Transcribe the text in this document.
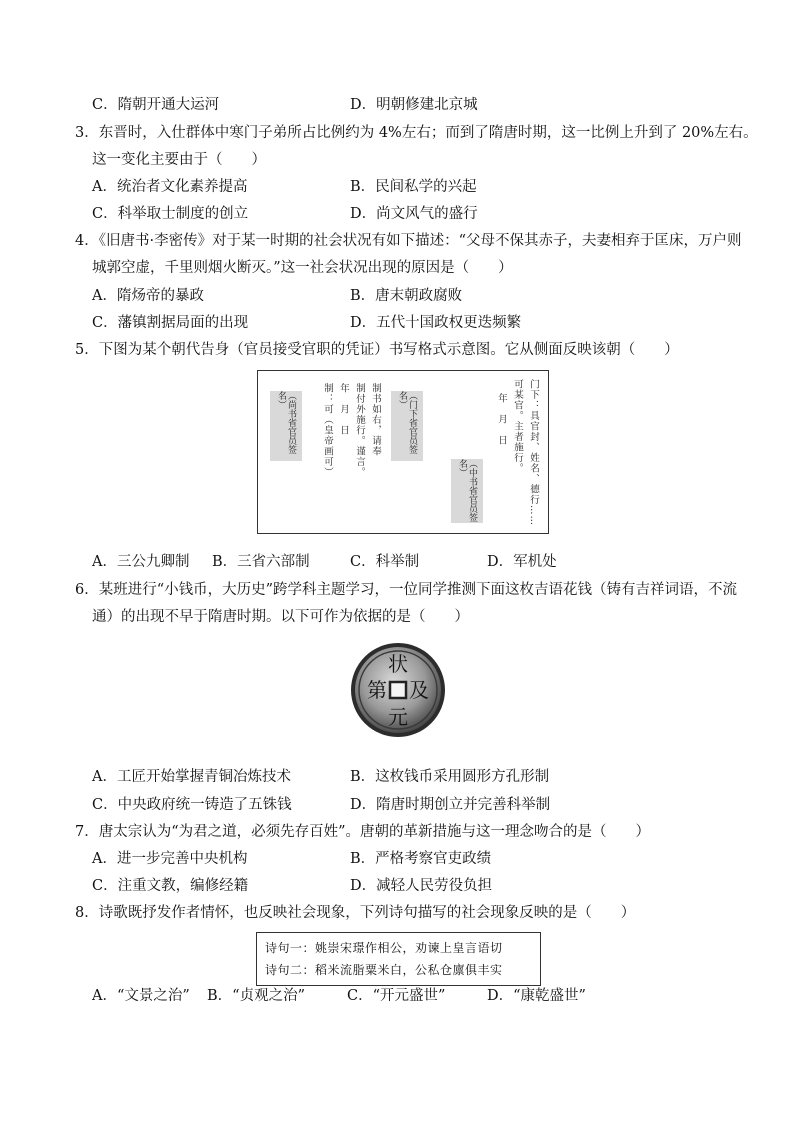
C．隋朝开通大运河	D．明朝修建北京城
3．东晋时，入仕群体中寒门子弟所占比例约为 4%左右；而到了隋唐时期，这一比例上升到了 20%左右。
这一变化主要由于（　　）
A．统治者文化素养提高	B．民间私学的兴起
C．科举取士制度的创立	D．尚文风气的盛行
4．《旧唐书·李密传》对于某一时期的社会状况有如下描述：“父母不保其赤子，夫妻相弃于匡床，万户则
城郭空虚，千里则烟火断灭。”这一社会状况出现的原因是（　　）
A．隋炀帝的暴政	B．唐末朝政腐败
C．藩镇割据局面的出现	D．五代十国政权更迭频繁
5．下图为某个朝代告身（官员接受官职的凭证）书写格式示意图。它从侧面反映该朝（　　）
门下：具官封、姓名、德行……
可某官。主者施行。
年　月　日
（中书省官员签名）
（门下省官员签名）
制书如右，请奉
制付外施行。谨言。
年　月　日
制：可（皇帝画可）
（尚书省官员签名）
A．三公九卿制 B．三省六部制	C．科举制	D．军机处
6．某班进行“小钱币，大历史”跨学科主题学习，一位同学推测下面这枚吉语花钱（铸有吉祥词语，不流
通）的出现不早于隋唐时期。以下可作为依据的是（　　）
状
及
元
第
A．工匠开始掌握青铜冶炼技术	B．这枚钱币采用圆形方孔形制
C．中央政府统一铸造了五铢钱	D．隋唐时期创立并完善科举制
7．唐太宗认为“为君之道，必须先存百姓”。唐朝的革新措施与这一理念吻合的是（　　）
A．进一步完善中央机构	B．严格考察官吏政绩
C．注重文教，编修经籍	D．减轻人民劳役负担
8．诗歌既抒发作者情怀，也反映社会现象，下列诗句描写的社会现象反映的是（　　）
诗句一：姚崇宋璟作相公，劝谏上皇言语切
诗句二：稻米流脂粟米白，公私仓廪俱丰实
A．“文景之治” B．“贞观之治”	C．“开元盛世”	D．“康乾盛世”
